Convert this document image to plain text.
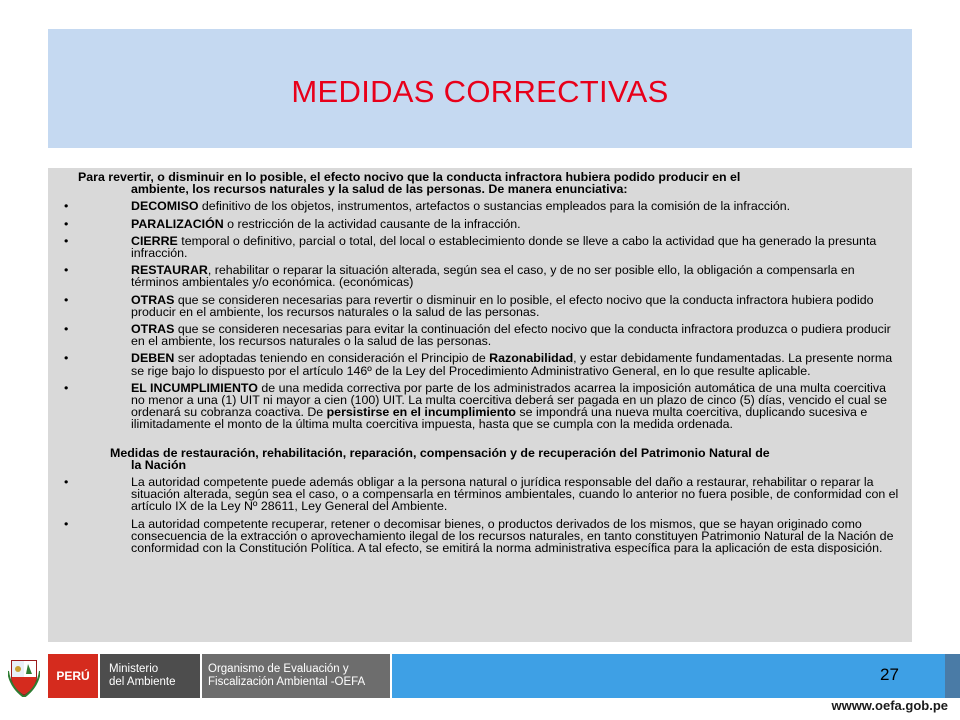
MEDIDAS CORRECTIVAS
Para revertir, o disminuir en lo posible, el efecto nocivo que la conducta infractora hubiera podido producir en el
ambiente, los recursos naturales y la salud de las personas. De manera enunciativa:
•	DECOMISO definitivo de los objetos, instrumentos, artefactos o sustancias empleados para la comisión de la infracción.
•	PARALIZACIÓN o restricción de la actividad causante de la infracción.
•	CIERRE temporal o definitivo, parcial o total, del local o establecimiento donde se lleve a cabo la actividad que ha generado la presunta infracción.
•	RESTAURAR, rehabilitar o reparar la situación alterada, según sea el caso, y de no ser posible ello, la obligación a compensarla en términos ambientales y/o económica. (económicas)
•	OTRAS que se consideren necesarias para revertir o disminuir en lo posible, el efecto nocivo que la conducta infractora hubiera podido producir en el ambiente, los recursos naturales o la salud de las personas.
•	OTRAS que se consideren necesarias para evitar la continuación del efecto nocivo que la conducta infractora produzca o pudiera producir en el ambiente, los recursos naturales o la salud de las personas.
•	DEBEN ser adoptadas teniendo en consideración el Principio de Razonabilidad, y estar debidamente fundamentadas. La presente norma se rige bajo lo dispuesto por el artículo 146º de la Ley del Procedimiento Administrativo General, en lo que resulte aplicable.
•	EL INCUMPLIMIENTO de una medida correctiva por parte de los administrados acarrea la imposición automática de una multa coercitiva no menor a una (1) UIT ni mayor a cien (100) UIT. La multa coercitiva deberá ser pagada en un plazo de cinco (5) días, vencido el cual se ordenará su cobranza coactiva. De persistirse en el incumplimiento se impondrá una nueva multa coercitiva, duplicando sucesiva e ilimitadamente el monto de la última multa coercitiva impuesta, hasta que se cumpla con la medida ordenada.
Medidas de restauración, rehabilitación, reparación, compensación y de recuperación del Patrimonio Natural de
la Nación
•	La autoridad competente puede además obligar a la persona natural o jurídica responsable del daño a restaurar, rehabilitar o reparar la situación alterada, según sea el caso, o a compensarla en términos ambientales, cuando lo anterior no fuera posible, de conformidad con el artículo IX de la Ley Nº 28611, Ley General del Ambiente.
•	La autoridad competente recuperar, retener o decomisar bienes, o productos derivados de los mismos, que se hayan originado como consecuencia de la extracción o aprovechamiento ilegal de los recursos naturales, en tanto constituyen Patrimonio Natural de la Nación de conformidad con la Constitución Política. A tal efecto, se emitirá la norma administrativa específica para la aplicación de esta disposición.
PERÚ	Ministerio
del Ambiente
Organismo de Evaluación y
Fiscalización Ambiental -OEFA	27
wwww.oefa.gob.pe
